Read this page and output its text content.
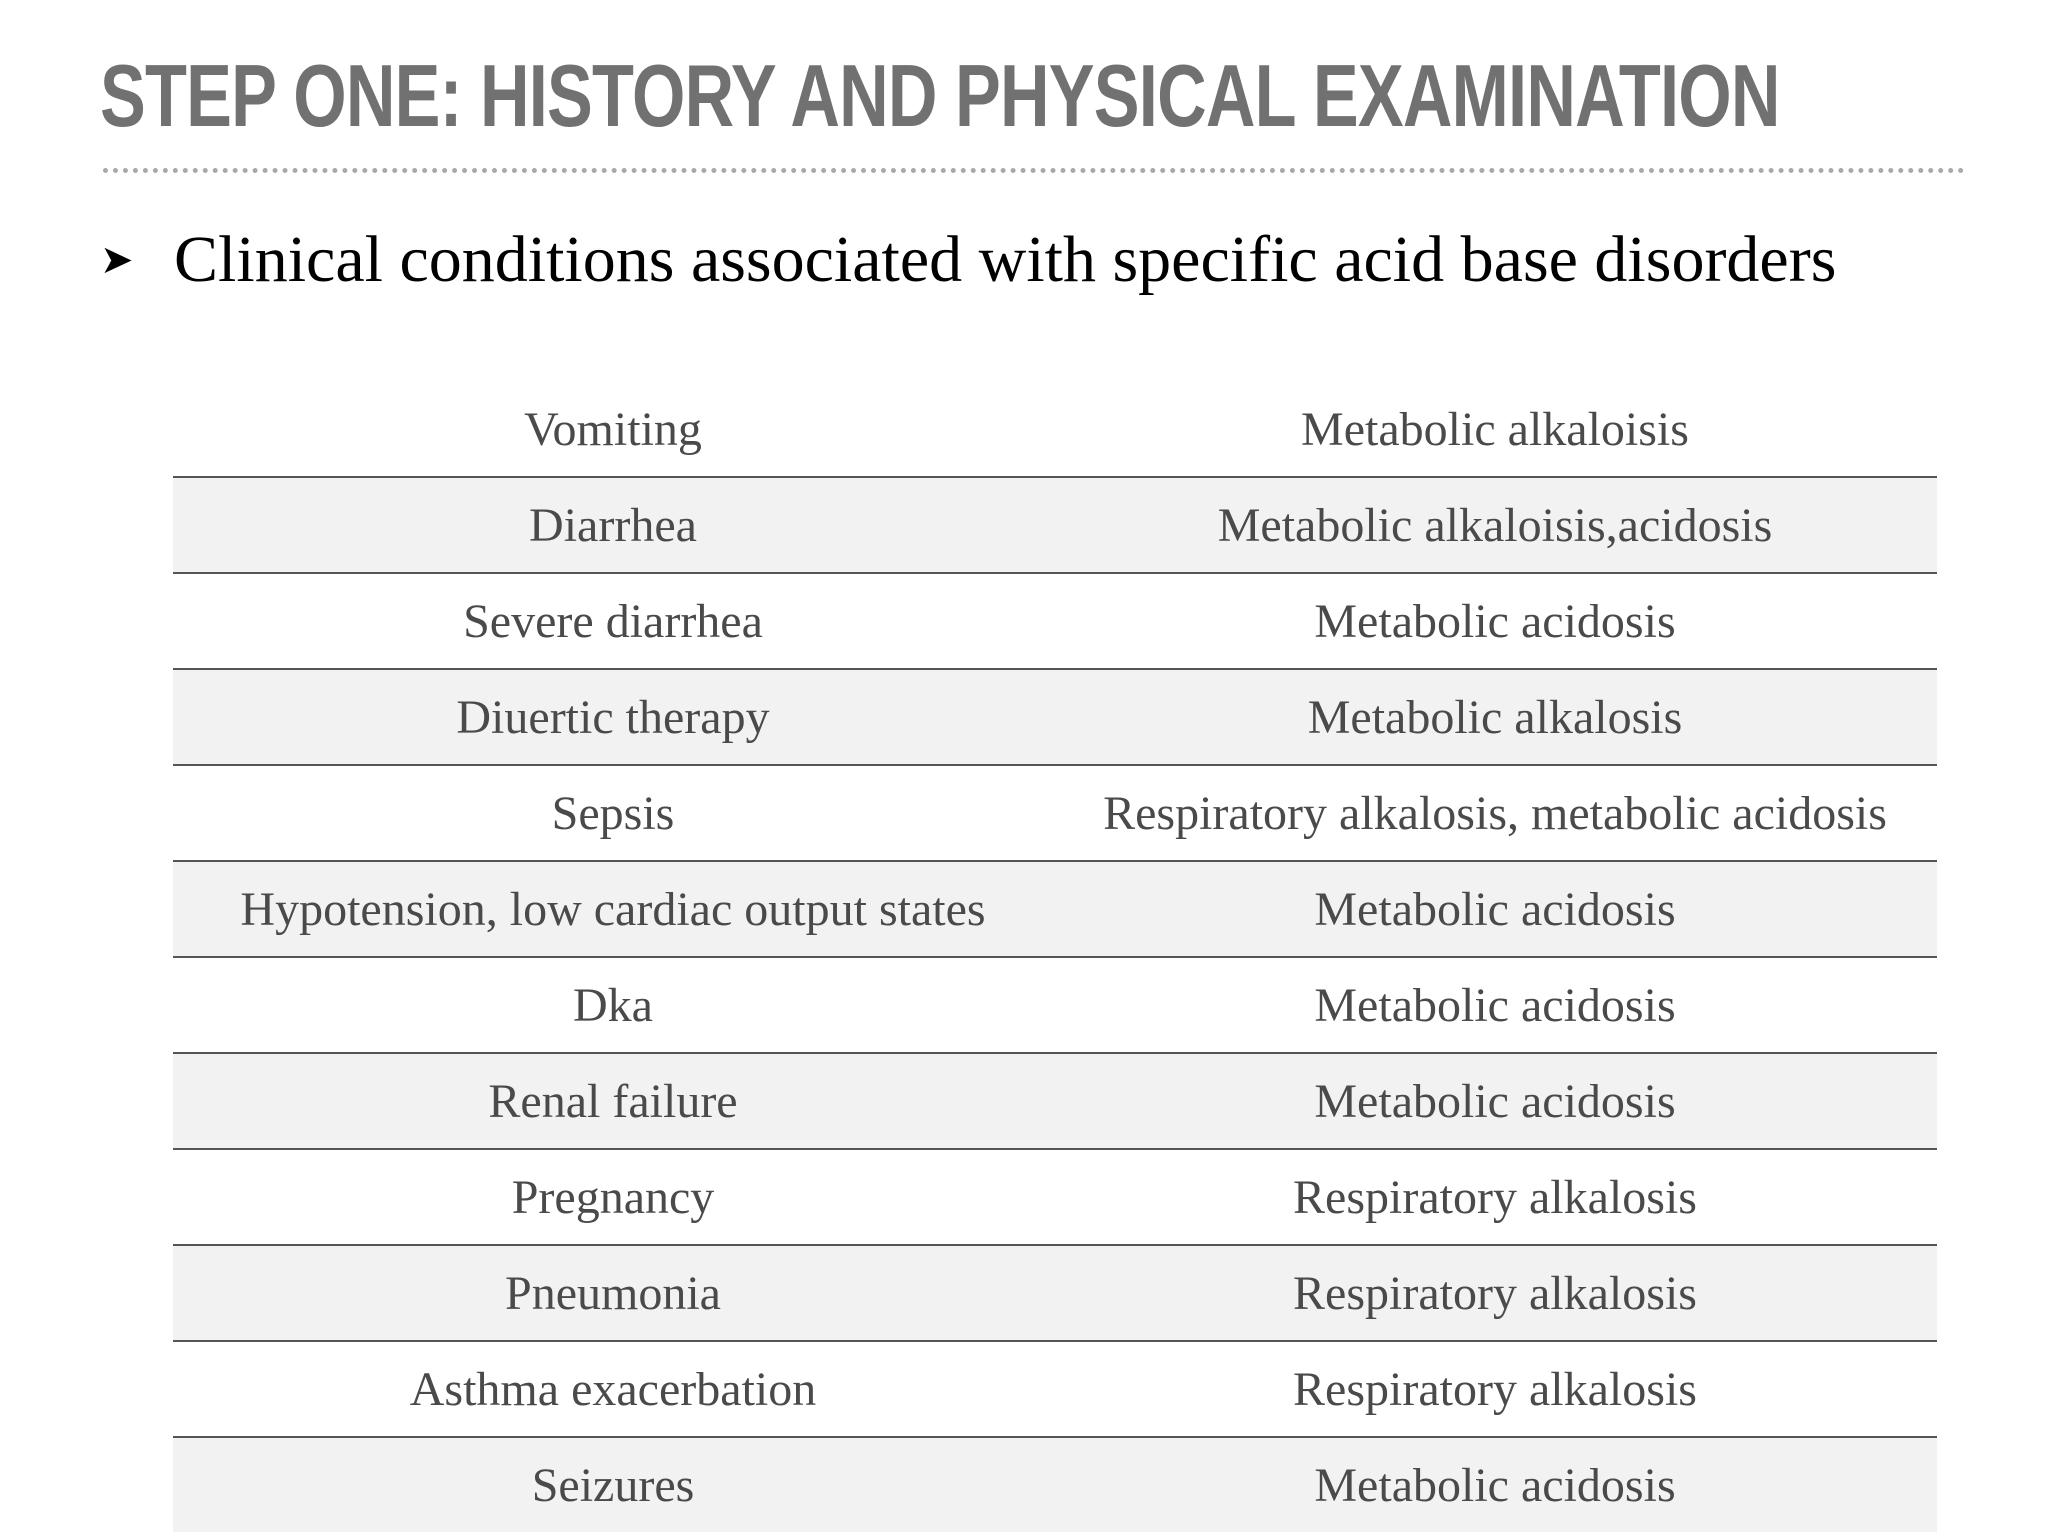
STEP ONE: HISTORY AND PHYSICAL EXAMINATION
➤ Clinical conditions associated with specific acid base disorders
Vomiting	Metabolic alkaloisis
Diarrhea	Metabolic alkaloisis,acidosis
Severe diarrhea	Metabolic acidosis
Diuertic therapy	Metabolic alkalosis
Sepsis	Respiratory alkalosis, metabolic acidosis
Hypotension, low cardiac output states	Metabolic acidosis
Dka	Metabolic acidosis
Renal failure	Metabolic acidosis
Pregnancy	Respiratory alkalosis
Pneumonia	Respiratory alkalosis
Asthma exacerbation	Respiratory alkalosis
Seizures	Metabolic acidosis
